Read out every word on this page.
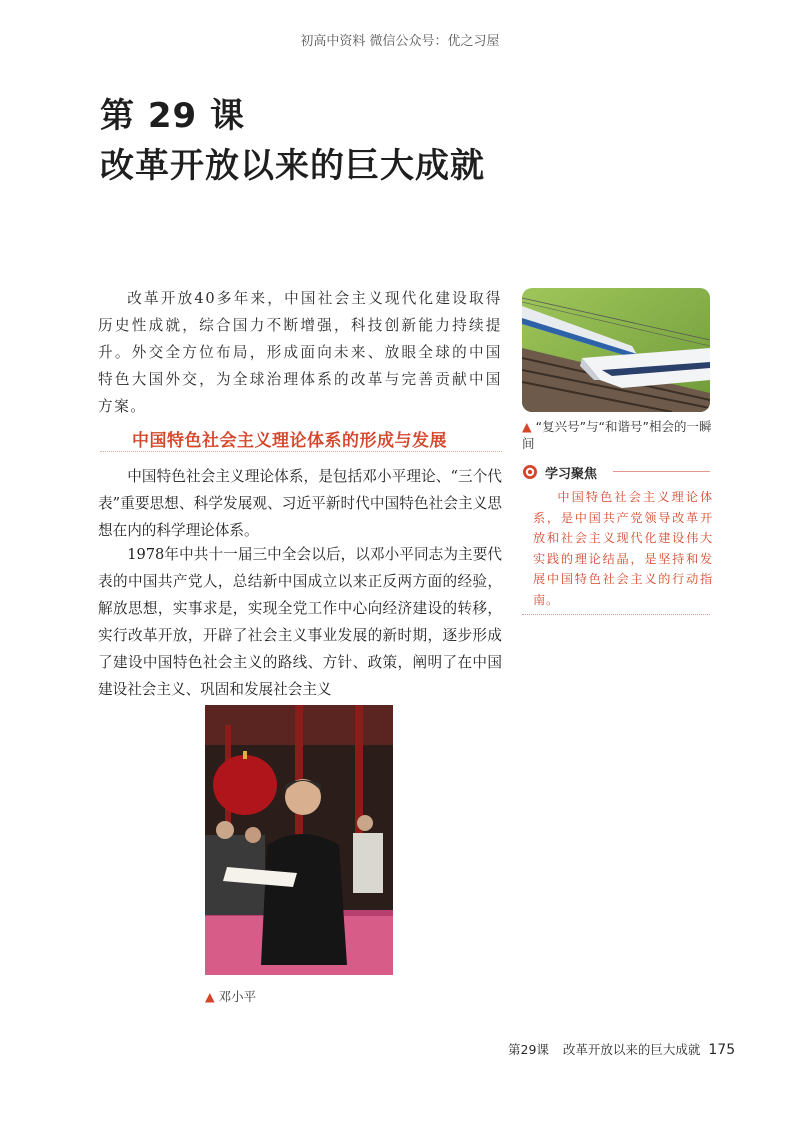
初高中资料 微信公众号：优之习屋
第 29 课
改革开放以来的巨大成就
改革开放40多年来，中国社会主义现代化建设取得历史性成就，综合国力不断增强，科技创新能力持续提升。外交全方位布局，形成面向未来、放眼全球的中国特色大国外交，为全球治理体系的改革与完善贡献中国方案。
中国特色社会主义理论体系的形成与发展
中国特色社会主义理论体系，是包括邓小平理论、“三个代表”重要思想、科学发展观、习近平新时代中国特色社会主义思想在内的科学理论体系。
1978年中共十一届三中全会以后，以邓小平同志为主要代表的中国共产党人，总结新中国成立以来正反两方面的经验，解放思想，实事求是，实现全党工作中心向经济建设的转移，实行改革开放，开辟了社会主义事业发展的新时期，逐步形成了建设中国特色社会主义的路线、方针、政策，阐明了在中国建设社会主义、巩固和发展社会主义
▲ “复兴号”与“和谐号”相会的一瞬间
学习聚焦
中国特色社会主义理论体系，是中国共产党领导改革开放和社会主义现代化建设伟大实践的理论结晶，是坚持和发展中国特色社会主义的行动指南。
▲ 邓小平
第29课 改革开放以来的巨大成就 175
